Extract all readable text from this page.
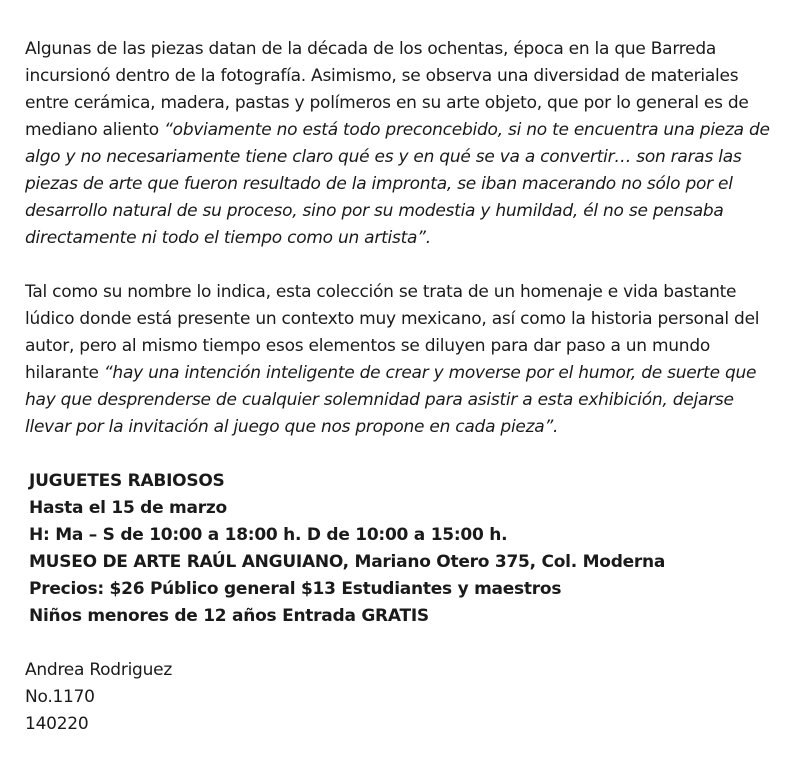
Algunas de las piezas datan de la década de los ochentas, época en la que Barreda incursionó dentro de la fotografía. Asimismo, se observa una diversidad de materiales entre cerámica, madera, pastas y polímeros en su arte objeto, que por lo general es de mediano aliento “obviamente no está todo preconcebido, si no te encuentra una pieza de algo y no necesariamente tiene claro qué es y en qué se va a convertir… son raras las piezas de arte que fueron resultado de la impronta, se iban macerando no sólo por el desarrollo natural de su proceso, sino por su modestia y humildad, él no se pensaba directamente ni todo el tiempo como un artista”.

Tal como su nombre lo indica, esta colección se trata de un homenaje e vida bastante lúdico donde está presente un contexto muy mexicano, así como la historia personal del autor, pero al mismo tiempo esos elementos se diluyen para dar paso a un mundo hilarante “hay una intención inteligente de crear y moverse por el humor, de suerte que hay que desprenderse de cualquier solemnidad para asistir a esta exhibición, dejarse llevar por la invitación al juego que nos propone en cada pieza”.

JUGUETES RABIOSOS
Hasta el 15 de marzo
H: Ma – S de 10:00 a 18:00 h. D de 10:00 a 15:00 h.
MUSEO DE ARTE RAÚL ANGUIANO, Mariano Otero 375, Col. Moderna
Precios: $26 Público general $13 Estudiantes y maestros
Niños menores de 12 años Entrada GRATIS
Andrea Rodriguez
No.1170
140220
